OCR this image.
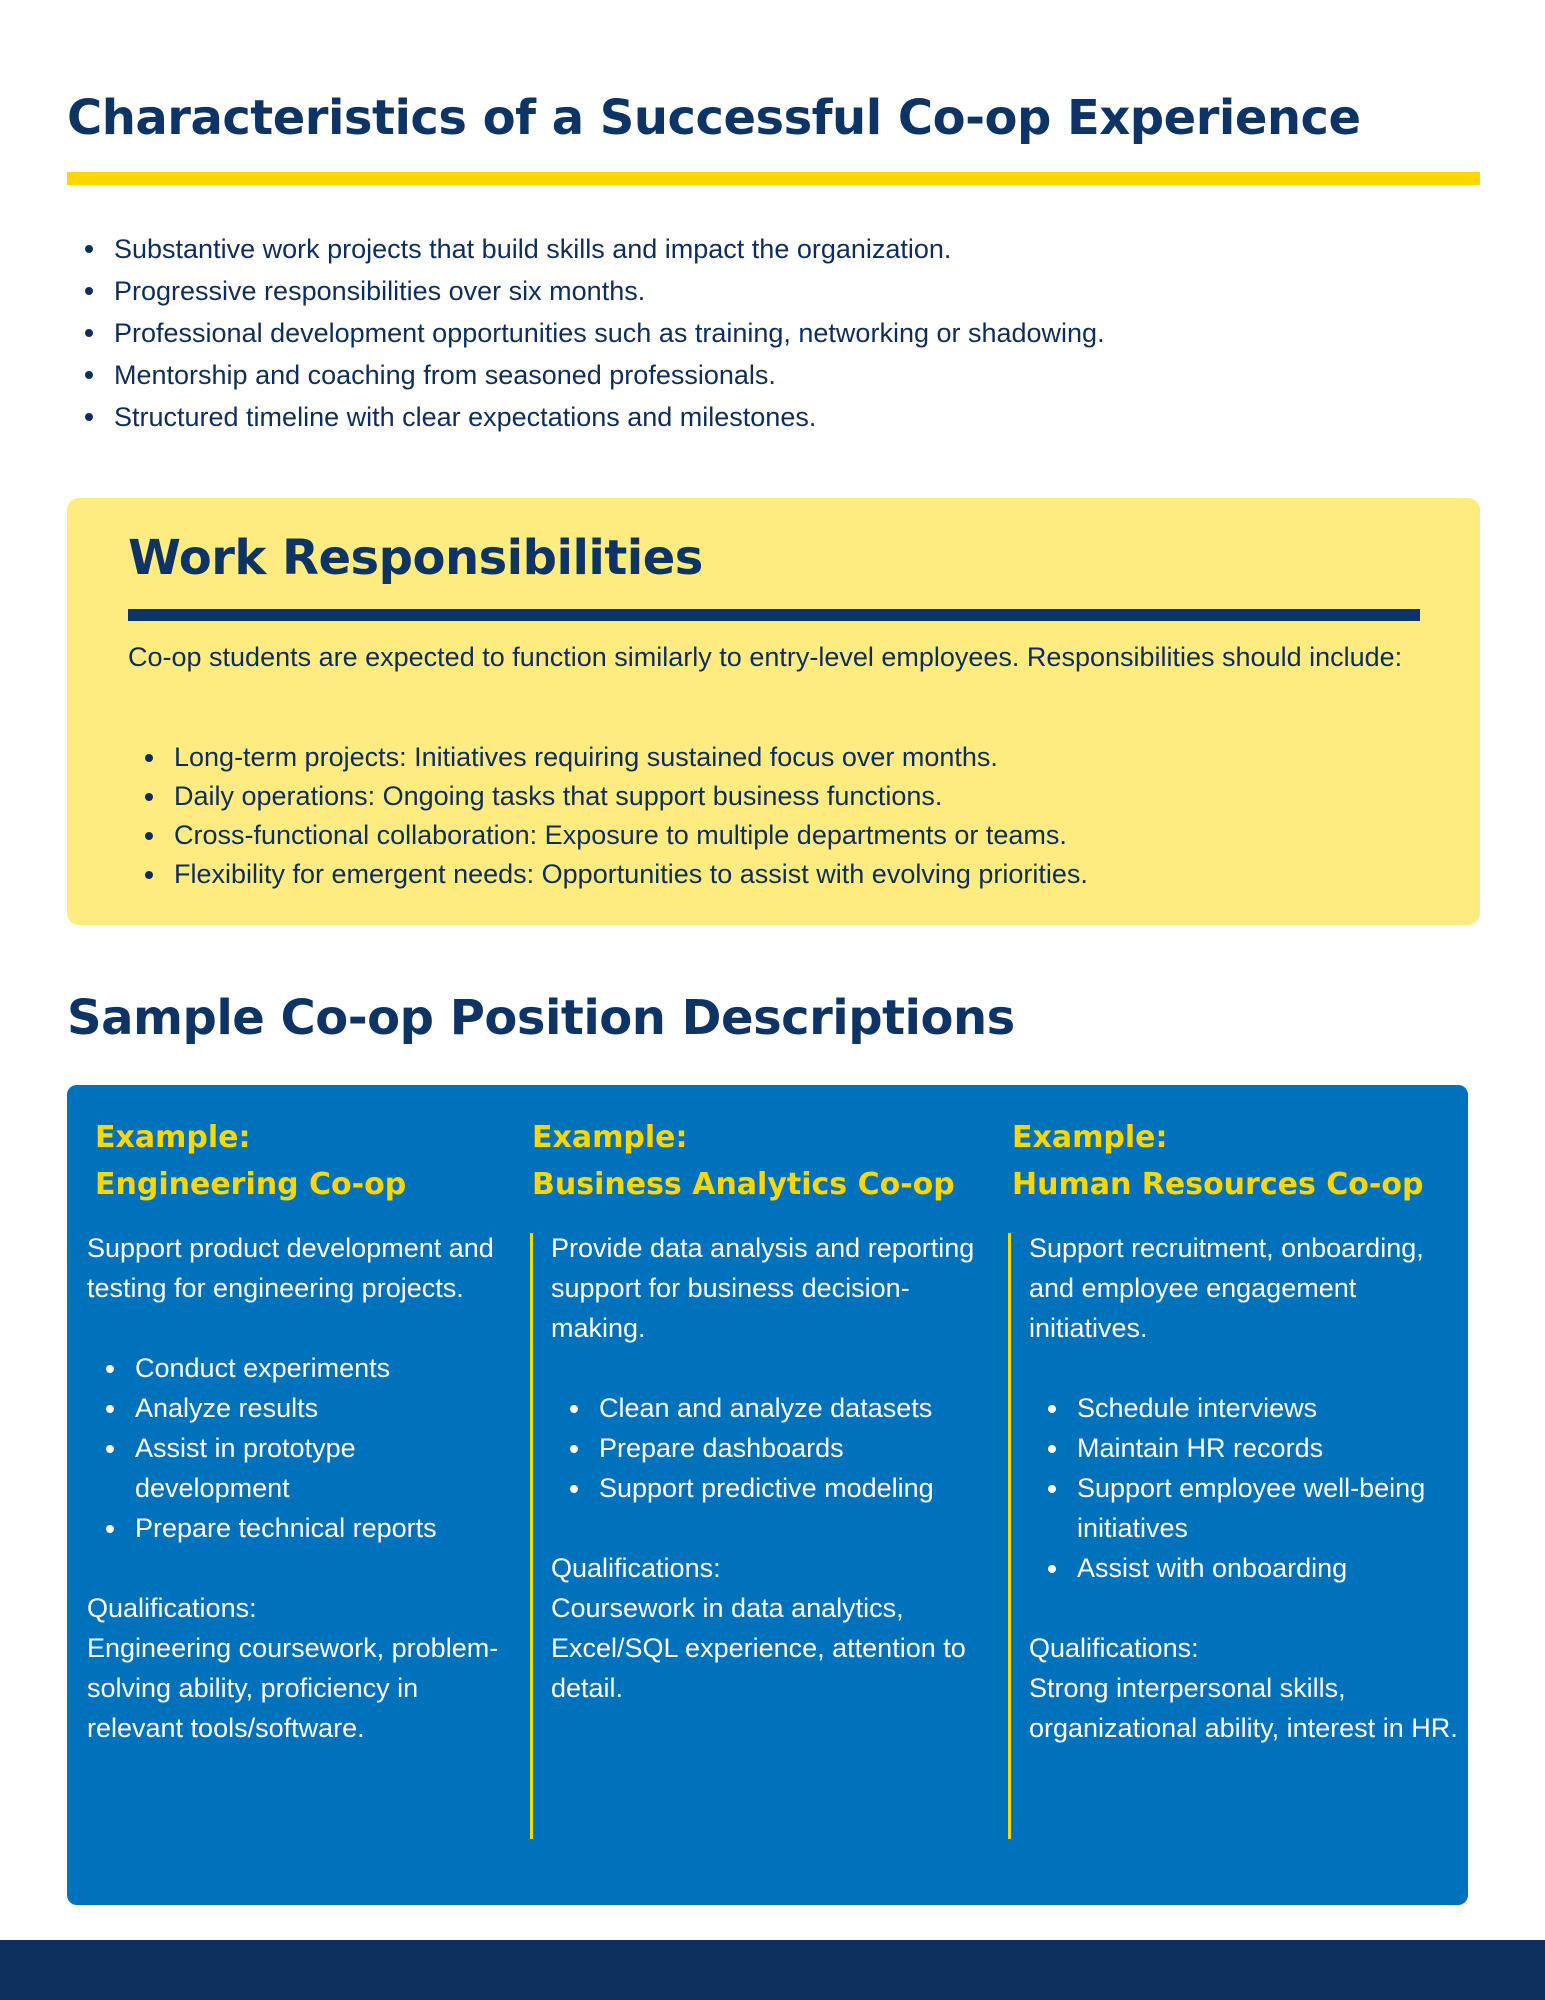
Characteristics of a Successful Co-op Experience
Substantive work projects that build skills and impact the organization.
Progressive responsibilities over six months.
Professional development opportunities such as training, networking or shadowing.
Mentorship and coaching from seasoned professionals.
Structured timeline with clear expectations and milestones.
Work Responsibilities

Co-op students are expected to function similarly to entry-level employees. Responsibilities should include:

Long-term projects: Initiatives requiring sustained focus over months.
Daily operations: Ongoing tasks that support business functions.
Cross-functional collaboration: Exposure to multiple departments or teams.
Flexibility for emergent needs: Opportunities to assist with evolving priorities.
Sample Co-op Position Descriptions
Example:
Engineering Co-op

Support product development and testing for engineering projects.

Conduct experiments
Analyze results
Assist in prototype development
Prepare technical reports

Qualifications:

Engineering coursework, problem-solving ability, proficiency in relevant tools/software.

Example:
Business Analytics Co-op

Provide data analysis and reporting support for business decision-making.

Clean and analyze datasets
Prepare dashboards
Support predictive modeling

Qualifications:

Coursework in data analytics, Excel/SQL experience, attention to detail.

Example:
Human Resources Co-op

Support recruitment, onboarding, and employee engagement initiatives.

Schedule interviews
Maintain HR records
Support employee well-being initiatives
Assist with onboarding

Qualifications:

Strong interpersonal skills, organizational ability, interest in HR.
